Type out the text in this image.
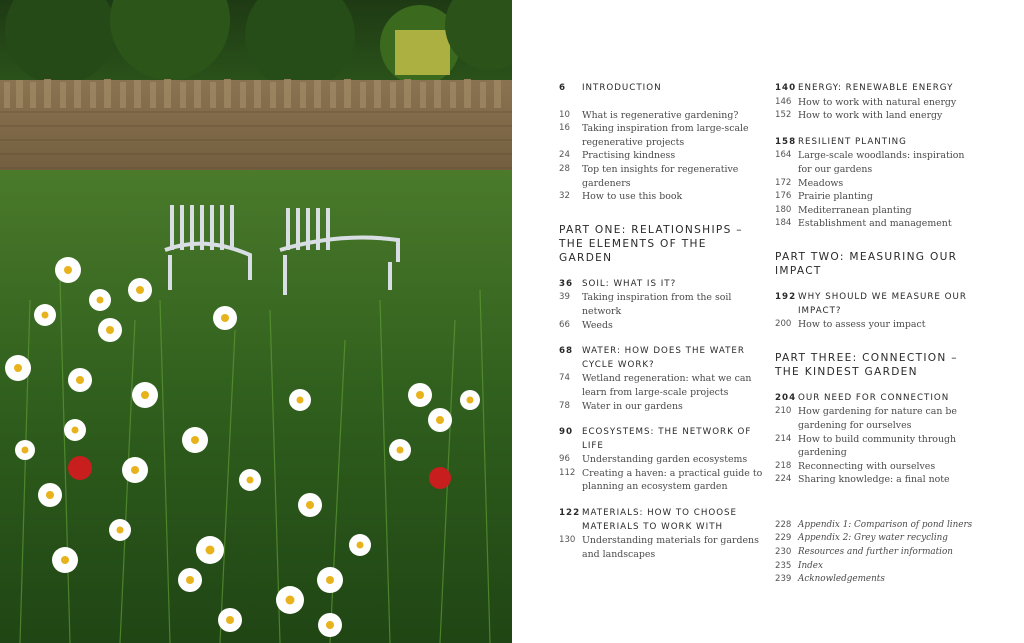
6	INTRODUCTION
10	What is regenerative gardening?
16	Taking inspiration from large-scale regenerative projects
24	Practising kindness
28	Top ten insights for regenerative gardeners
32	How to use this book
PART ONE: RELATIONSHIPS – THE ELEMENTS OF THE GARDEN
36	SOIL: WHAT IS IT?
39	Taking inspiration from the soil network
66	Weeds
68	WATER: HOW DOES THE WATER CYCLE WORK?
74	Wetland regeneration: what we can learn from large-scale projects
78	Water in our gardens
90	ECOSYSTEMS: THE NETWORK OF LIFE
96	Understanding garden ecosystems
112 Creating a haven: a practical guide to planning an ecosystem garden
122 MATERIALS: HOW TO CHOOSE MATERIALS TO WORK WITH
130 Understanding materials for gardens and landscapes
140 ENERGY: RENEWABLE ENERGY
146 How to work with natural energy
152 How to work with land energy
158 RESILIENT PLANTING
164 Large-scale woodlands: inspiration for our gardens
172 Meadows
176 Prairie planting
180 Mediterranean planting
184 Establishment and management
PART TWO: MEASURING OUR IMPACT
192 WHY SHOULD WE MEASURE OUR IMPACT?
200 How to assess your impact
PART THREE: CONNECTION – THE KINDEST GARDEN
204 OUR NEED FOR CONNECTION
210 How gardening for nature can be gardening for ourselves
214 How to build community through gardening
218 Reconnecting with ourselves
224 Sharing knowledge: a final note
228 Appendix 1: Comparison of pond liners
229 Appendix 2: Grey water recycling
230 Resources and further information
235 Index
239 Acknowledgements
